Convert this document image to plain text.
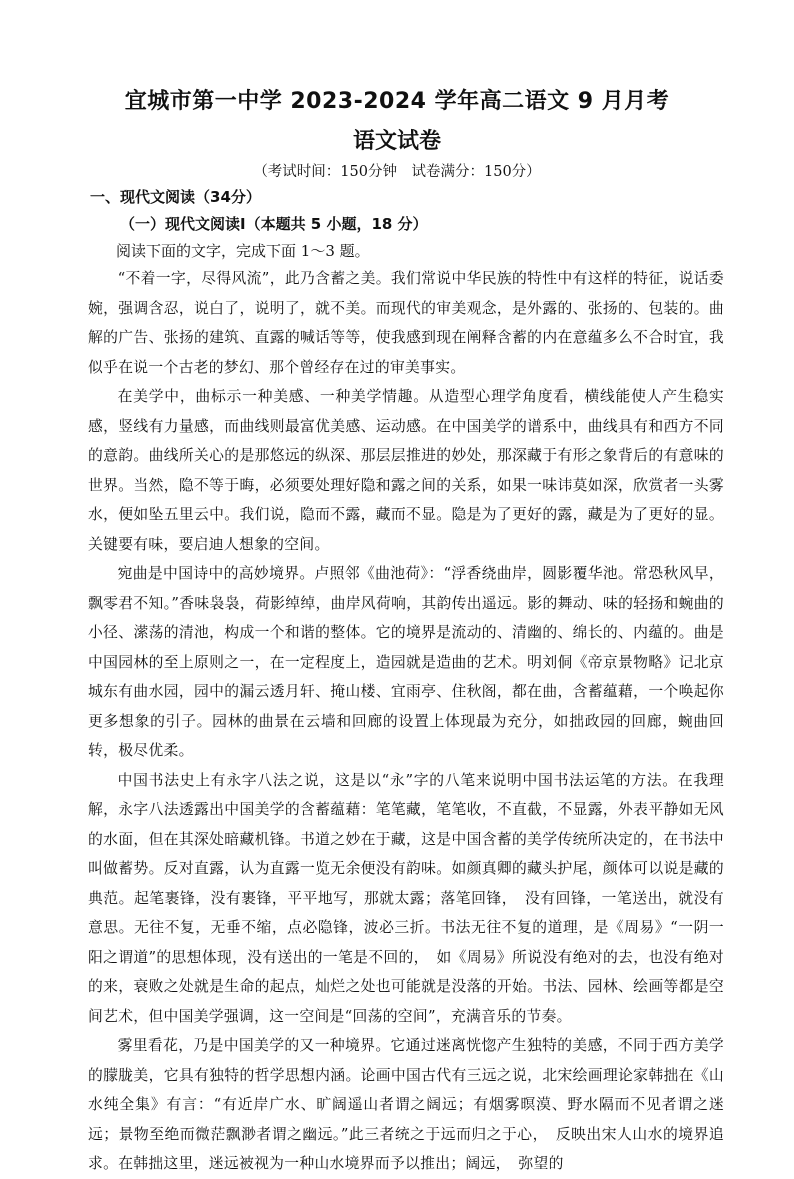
宜城市第一中学 2023-2024 学年高二语文 9 月月考
语文试卷
（考试时间：150分钟　试卷满分：150分）
一、现代文阅读（34分）
（一）现代文阅读Ⅰ（本题共 5 小题，18 分）
阅读下面的文字，完成下面 1～3 题。

“不着一字，尽得风流”，此乃含蓄之美。我们常说中华民族的特性中有这样的特征，说话委婉，强调含忍，说白了，说明了，就不美。而现代的审美观念，是外露的、张扬的、包装的。曲解的广告、张扬的建筑、直露的喊话等等，使我感到现在阐释含蓄的内在意蕴多么不合时宜，我似乎在说一个古老的梦幻、那个曾经存在过的审美事实。

在美学中，曲标示一种美感、一种美学情趣。从造型心理学角度看，横线能使人产生稳实感，竖线有力量感，而曲线则最富优美感、运动感。在中国美学的谱系中，曲线具有和西方不同的意韵。曲线所关心的是那悠远的纵深、那层层推进的妙处，那深藏于有形之象背后的有意味的世界。当然，隐不等于晦，必须要处理好隐和露之间的关系，如果一味讳莫如深，欣赏者一头雾水，便如坠五里云中。我们说，隐而不露，藏而不显。隐是为了更好的露，藏是为了更好的显。关键要有味，要启迪人想象的空间。

宛曲是中国诗中的高妙境界。卢照邻《曲池荷》：“浮香绕曲岸，圆影覆华池。常恐秋风早，飘零君不知。”香味袅袅，荷影绰绰，曲岸风荷响，其韵传出遥远。影的舞动、味的轻扬和蜿曲的小径、潆荡的清池，构成一个和谐的整体。它的境界是流动的、清幽的、绵长的、内蕴的。曲是中国园林的至上原则之一，在一定程度上，造园就是造曲的艺术。明刘侗《帝京景物略》记北京城东有曲水园，园中的漏云透月轩、掩山楼、宜雨亭、住秋阁，都在曲，含蓄蕴藉，一个唤起你更多想象的引子。园林的曲景在云墙和回廊的设置上体现最为充分，如拙政园的回廊，蜿曲回转，极尽优柔。

中国书法史上有永字八法之说，这是以“永”字的八笔来说明中国书法运笔的方法。在我理解，永字八法透露出中国美学的含蓄蕴藉：笔笔藏，笔笔收，不直截，不显露，外表平静如无风的水面，但在其深处暗藏机锋。书道之妙在于藏，这是中国含蓄的美学传统所决定的，在书法中叫做蓄势。反对直露，认为直露一览无余便没有韵味。如颜真卿的藏头护尾，颜体可以说是藏的典范。起笔裹锋，没有裹锋，平平地写，那就太露；落笔回锋，　没有回锋，一笔送出，就没有意思。无往不复，无垂不缩，点必隐锋，波必三折。书法无往不复的道理，是《周易》“一阴一阳之谓道”的思想体现，没有送出的一笔是不回的，　如《周易》所说没有绝对的去，也没有绝对的来，衰败之处就是生命的起点，灿烂之处也可能就是没落的开始。书法、园林、绘画等都是空间艺术，但中国美学强调，这一空间是“回荡的空间”，充满音乐的节奏。

雾里看花，乃是中国美学的又一种境界。它通过迷离恍惚产生独特的美感，不同于西方美学的朦胧美，它具有独特的哲学思想内涵。论画中国古代有三远之说，北宋绘画理论家韩拙在《山水纯全集》有言：“有近岸广水、旷阔遥山者谓之阔远；有烟雾暝漠、野水隔而不见者谓之迷远；景物至绝而微茫飘渺者谓之幽远。”此三者统之于远而归之于心，　反映出宋人山水的境界追求。在韩拙这里，迷远被视为一种山水境界而予以推出；阔远，　弥望的
